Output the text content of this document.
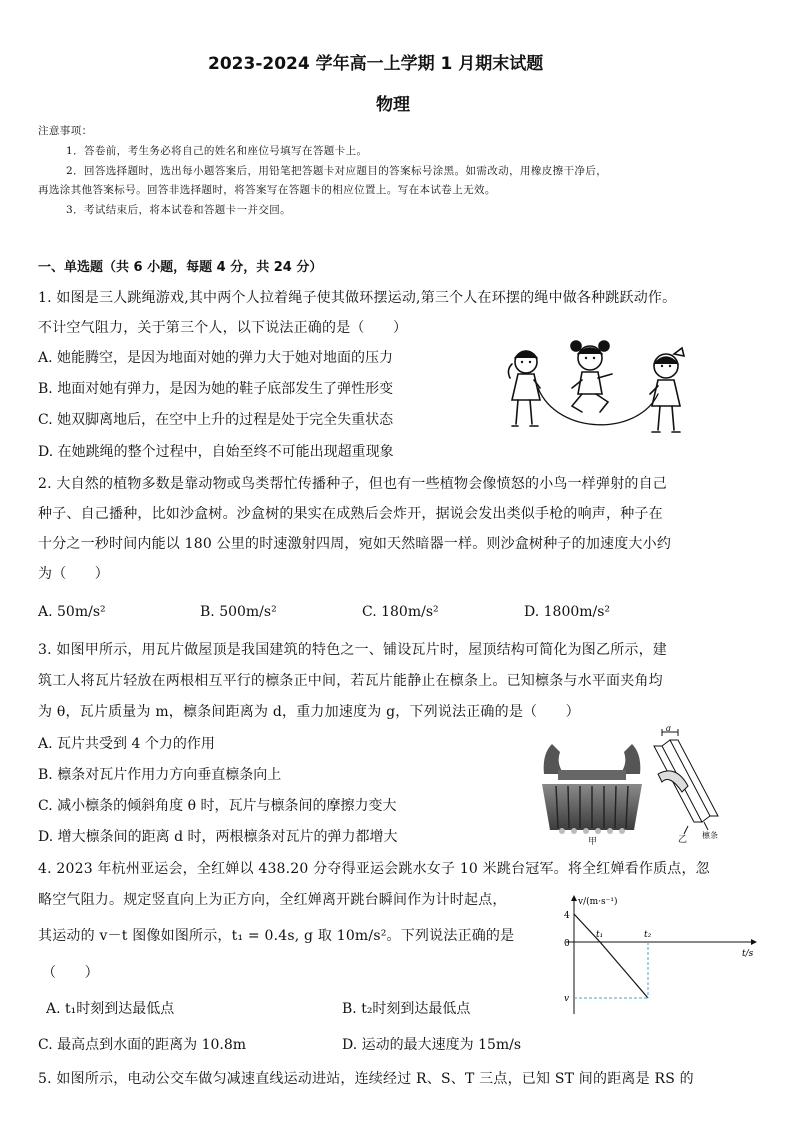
2023-2024 学年高一上学期 1 月期末试题
物理
注意事项：
1．答卷前，考生务必将自己的姓名和座位号填写在答题卡上。
2．回答选择题时，选出每小题答案后，用铅笔把答题卡对应题目的答案标号涂黑。如需改动，用橡皮擦干净后，
再选涂其他答案标号。回答非选择题时，将答案写在答题卡的相应位置上。写在本试卷上无效。
3．考试结束后，将本试卷和答题卡一并交回。
一、单选题（共 6 小题，每题 4 分，共 24 分）
1. 如图是三人跳绳游戏,其中两个人拉着绳子使其做环摆运动,第三个人在环摆的绳中做各种跳跃动作。
不计空气阻力，关于第三个人，以下说法正确的是（　　）
A. 她能腾空，是因为地面对她的弹力大于她对地面的压力
B. 地面对她有弹力，是因为她的鞋子底部发生了弹性形变
C. 她双脚离地后，在空中上升的过程是处于完全失重状态
D. 在她跳绳的整个过程中，自始至终不可能出现超重现象
2. 大自然的植物多数是靠动物或鸟类帮忙传播种子，但也有一些植物会像愤怒的小鸟一样弹射的自己
种子、自己播种，比如沙盒树。沙盒树的果实在成熟后会炸开，据说会发出类似手枪的响声，种子在
十分之一秒时间内能以 180 公里的时速激射四周，宛如天然暗器一样。则沙盒树种子的加速度大小约
为（　　）
A. 50m/s²	B. 500m/s²	C. 180m/s²	D. 1800m/s²
3. 如图甲所示，用瓦片做屋顶是我国建筑的特色之一、铺设瓦片时，屋顶结构可简化为图乙所示，建
筑工人将瓦片轻放在两根相互平行的檩条正中间，若瓦片能静止在檩条上。已知檩条与水平面夹角均
为 θ，瓦片质量为 m，檩条间距离为 d，重力加速度为 g，下列说法正确的是（　　）
A. 瓦片共受到 4 个力的作用
B. 檩条对瓦片作用力方向垂直檩条向上
C. 减小檩条的倾斜角度 θ 时，瓦片与檩条间的摩擦力变大
D. 增大檩条间的距离 d 时，两根檩条对瓦片的弹力都增大	甲
d
乙 檩条
4. 2023 年杭州亚运会，全红婵以 438.20 分夺得亚运会跳水女子 10 米跳台冠军。将全红婵看作质点，忽
略空气阻力。规定竖直向上为正方向，全红婵离开跳台瞬间作为计时起点，
其运动的 v－t 图像如图所示，t₁ = 0.4s, g 取 10m/s²。下列说法正确的是
（　　）
A. t₁时刻到达最低点	B. t₂时刻到达最低点
C. 最高点到水面的距离为 10.8m	D. 运动的最大速度为 15m/s
v/(m·s⁻¹)
t/s
4
0
v
t₁	t₂
5. 如图所示，电动公交车做匀减速直线运动进站，连续经过 R、S、T 三点，已知 ST 间的距离是 RS 的
